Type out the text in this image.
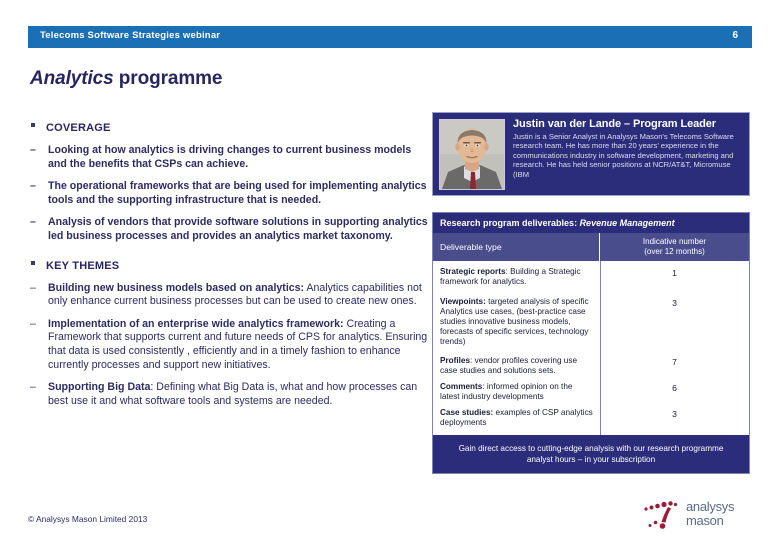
Telecoms Software Strategies webinar	6
Analytics programme
COVERAGE
– Looking at how analytics is driving changes to current business models and the benefits that CSPs can achieve.
– The operational frameworks that are being used for implementing analytics tools and the supporting infrastructure that is needed.
– Analysis of vendors that provide software solutions in supporting analytics led business processes and provides an analytics market taxonomy.
KEY THEMES
– Building new business models based on analytics: Analytics capabilities not only enhance current business processes but can be used to create new ones.
– Implementation of an enterprise wide analytics framework: Creating a Framework that supports current and future needs of CPS for analytics. Ensuring that data is used consistently , efficiently and in a timely fashion to enhance currently processes and support new initiatives.
– Supporting Big Data: Defining what Big Data is, what and how processes can best use it and what software tools and systems are needed.
Justin van der Lande – Program Leader
Justin is a Senior Analyst in Analysys Mason's Telecoms Software research team. He has more than 20 years' experience in the communications industry in software development, marketing and research. He has held senior positions at NCR/AT&T, Micromuse (IBM
Research program deliverables: Revenue Management
Deliverable type
Indicative number
(over 12 months)
Strategic reports: Building a Strategic framework for analytics.
1
Viewpoints: targeted analysis of specific Analytics use cases, (best-practice case studies innovative business models, forecasts of specific services, technology trends)
3
Profiles: vendor profiles covering use case studies and solutions sets.
7
Comments: informed opinion on the latest industry developments
6
Case studies: examples of CSP analytics deployments
3
Gain direct access to cutting-edge analysis with our research programme analyst hours – in your subscription
© Analysys Mason Limited 2013
analysys
mason
